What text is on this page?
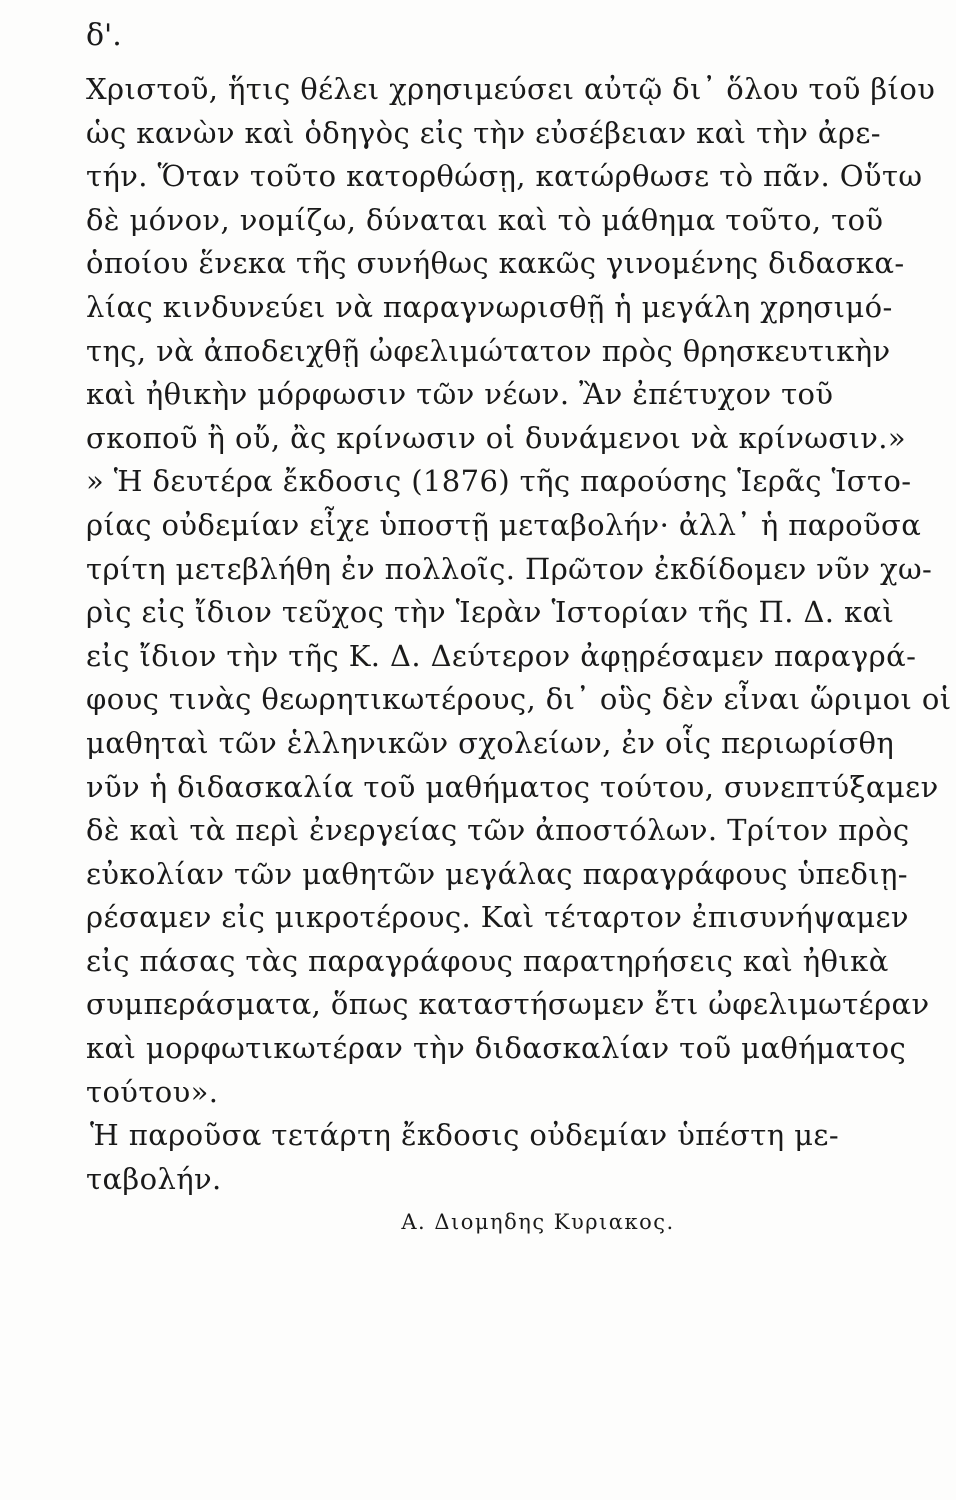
δ'.
Χριστοῦ, ἥτις θέλει χρησιμεύσει αὐτῷ δι᾽ ὅλου τοῦ βίου
ὡς κανὼν καὶ ὁδηγὸς εἰς τὴν εὐσέβειαν καὶ τὴν ἀρε-
τήν. Ὅταν τοῦτο κατορθώσῃ, κατώρθωσε τὸ πᾶν. Οὕτω
δὲ μόνον, νομίζω, δύναται καὶ τὸ μάθημα τοῦτο, τοῦ
ὁποίου ἕνεκα τῆς συνήθως κακῶς γινομένης διδασκα-
λίας κινδυνεύει νὰ παραγνωρισθῇ ἡ μεγάλη χρησιμό-
της, νὰ ἀποδειχθῇ ὠφελιμώτατον πρὸς θρησκευτικὴν
καὶ ἠθικὴν μόρφωσιν τῶν νέων. Ἂν ἐπέτυχον τοῦ
σκοποῦ ἢ οὔ, ἂς κρίνωσιν οἱ δυνάμενοι νὰ κρίνωσιν.»
» Ἡ δευτέρα ἔκδοσις (1876) τῆς παρούσης Ἱερᾶς Ἱστο-
ρίας οὐδεμίαν εἶχε ὑποστῇ μεταβολήν· ἀλλ᾽ ἡ παροῦσα
τρίτη μετεβλήθη ἐν πολλοῖς. Πρῶτον ἐκδίδομεν νῦν χω-
ρὶς εἰς ἴδιον τεῦχος τὴν Ἱερὰν Ἱστορίαν τῆς Π. Δ. καὶ
εἰς ἴδιον τὴν τῆς Κ. Δ. Δεύτερον ἀφῃρέσαμεν παραγρά-
φους τινὰς θεωρητικωτέρους, δι᾽ οὓς δὲν εἶναι ὥριμοι οἱ
μαθηταὶ τῶν ἑλληνικῶν σχολείων, ἐν οἷς περιωρίσθη
νῦν ἡ διδασκαλία τοῦ μαθήματος τούτου, συνεπτύξαμεν
δὲ καὶ τὰ περὶ ἐνεργείας τῶν ἀποστόλων. Τρίτον πρὸς
εὐκολίαν τῶν μαθητῶν μεγάλας παραγράφους ὑπεδιῃ-
ρέσαμεν εἰς μικροτέρους. Καὶ τέταρτον ἐπισυνήψαμεν
εἰς πάσας τὰς παραγράφους παρατηρήσεις καὶ ἠθικὰ
συμπεράσματα, ὅπως καταστήσωμεν ἔτι ὠφελιμωτέραν
καὶ μορφωτικωτέραν τὴν διδασκαλίαν τοῦ μαθήματος
τούτου».
Ἡ παροῦσα τετάρτη ἔκδοσις οὐδεμίαν ὑπέστη με-
ταβολήν.
Α. Διομηδης Κυριακος.
